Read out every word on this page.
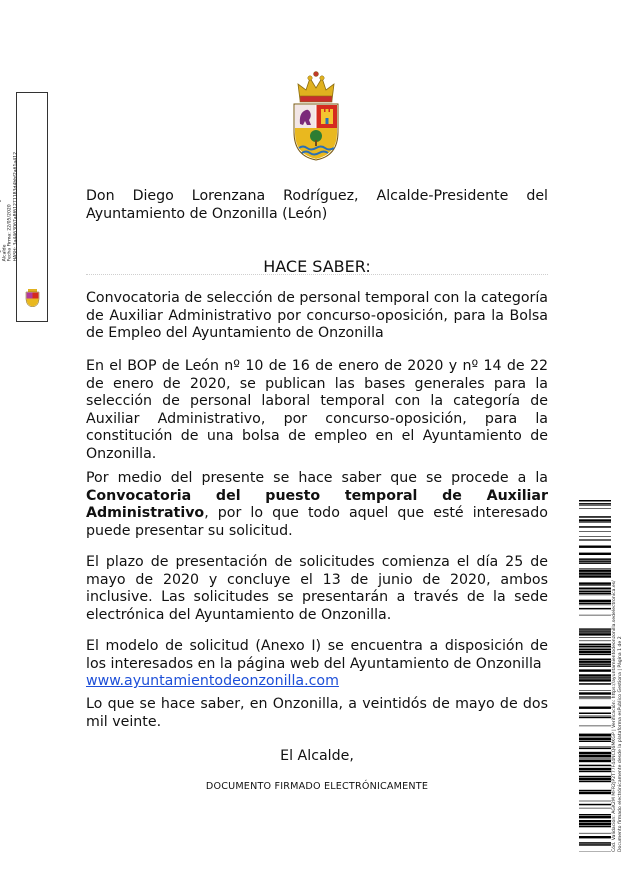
Alcalde Fecha Firma: 22/05/2020 HASH: 3a4463067a8f61271183d4bbf2a61a412	Don Diego Lorenzana Rodríguez, Alcalde-Presidente del Ayuntamiento de Onzonilla (León)

HACE SABER:

Convocatoria de selección de personal temporal con la categoría de Auxiliar Administrativo por concurso-oposición, para la Bolsa de Empleo del Ayuntamiento de Onzonilla

En el BOP de León nº 10 de 16 de enero de 2020 y nº 14 de 22 de enero de 2020, se publican las bases generales para la selección de personal laboral temporal con la categoría de Auxiliar Administrativo, por concurso-oposición, para la constitución de una bolsa de empleo en el Ayuntamiento de Onzonilla.

Por medio del presente se hace saber que se procede a la Convocatoria del puesto temporal de Auxiliar Administrativo, por lo que todo aquel que esté interesado puede presentar su solicitud.

El plazo de presentación de solicitudes comienza el día 25 de mayo de 2020 y concluye el 13 de junio de 2020, ambos inclusive. Las solicitudes se presentarán a través de la sede electrónica del Ayuntamiento de Onzonilla.

El modelo de solicitud (Anexo I) se encuentra a disposición de los interesados en la página web del Ayuntamiento de Onzonilla
www.ayuntamientodeonzonilla.com

Lo que se hace saber, en Onzonilla, a veintidós de mayo de dos mil veinte.

El Alcalde,
DOCUMENTO FIRMADO ELECTRÓNICAMENTE	Cód. Validación: AGK2M MFR2JP2T77F44NCQ6MKGP | Verificación: https://ayuntamientodeonzonilla.sedelectronica.es/ Documento firmado electrónicamente desde la plataforma esPublico Gestiona | Página 1 de 2
